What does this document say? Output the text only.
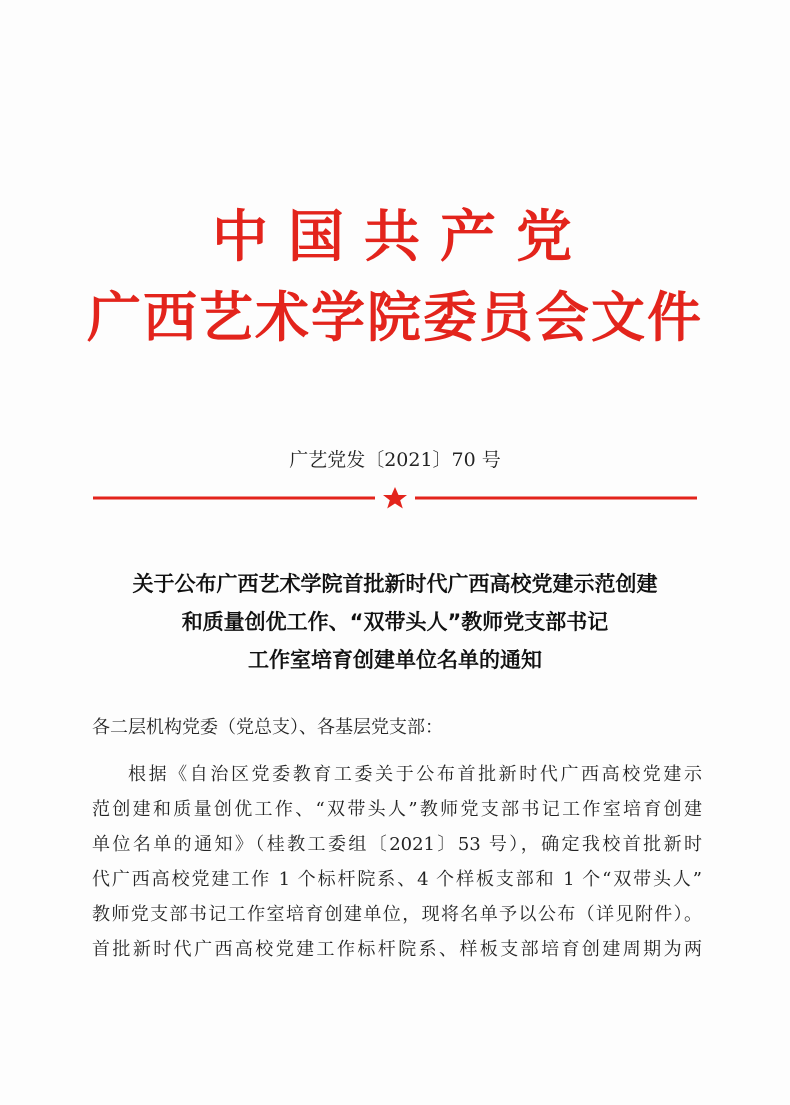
中国共产党
广西艺术学院委员会文件
广艺党发〔2021〕70 号
关于公布广西艺术学院首批新时代广西高校党建示范创建
和质量创优工作、“双带头人”教师党支部书记
工作室培育创建单位名单的通知
各二层机构党委（党总支）、各基层党支部：
根据《自治区党委教育工委关于公布首批新时代广西高校党建示
范创建和质量创优工作、“双带头人”教师党支部书记工作室培育创建
单位名单的通知》（桂教工委组〔2021〕53 号），确定我校首批新时
代广西高校党建工作 1 个标杆院系、4 个样板支部和 1 个“双带头人”
教师党支部书记工作室培育创建单位，现将名单予以公布（详见附件）。
首批新时代广西高校党建工作标杆院系、样板支部培育创建周期为两
